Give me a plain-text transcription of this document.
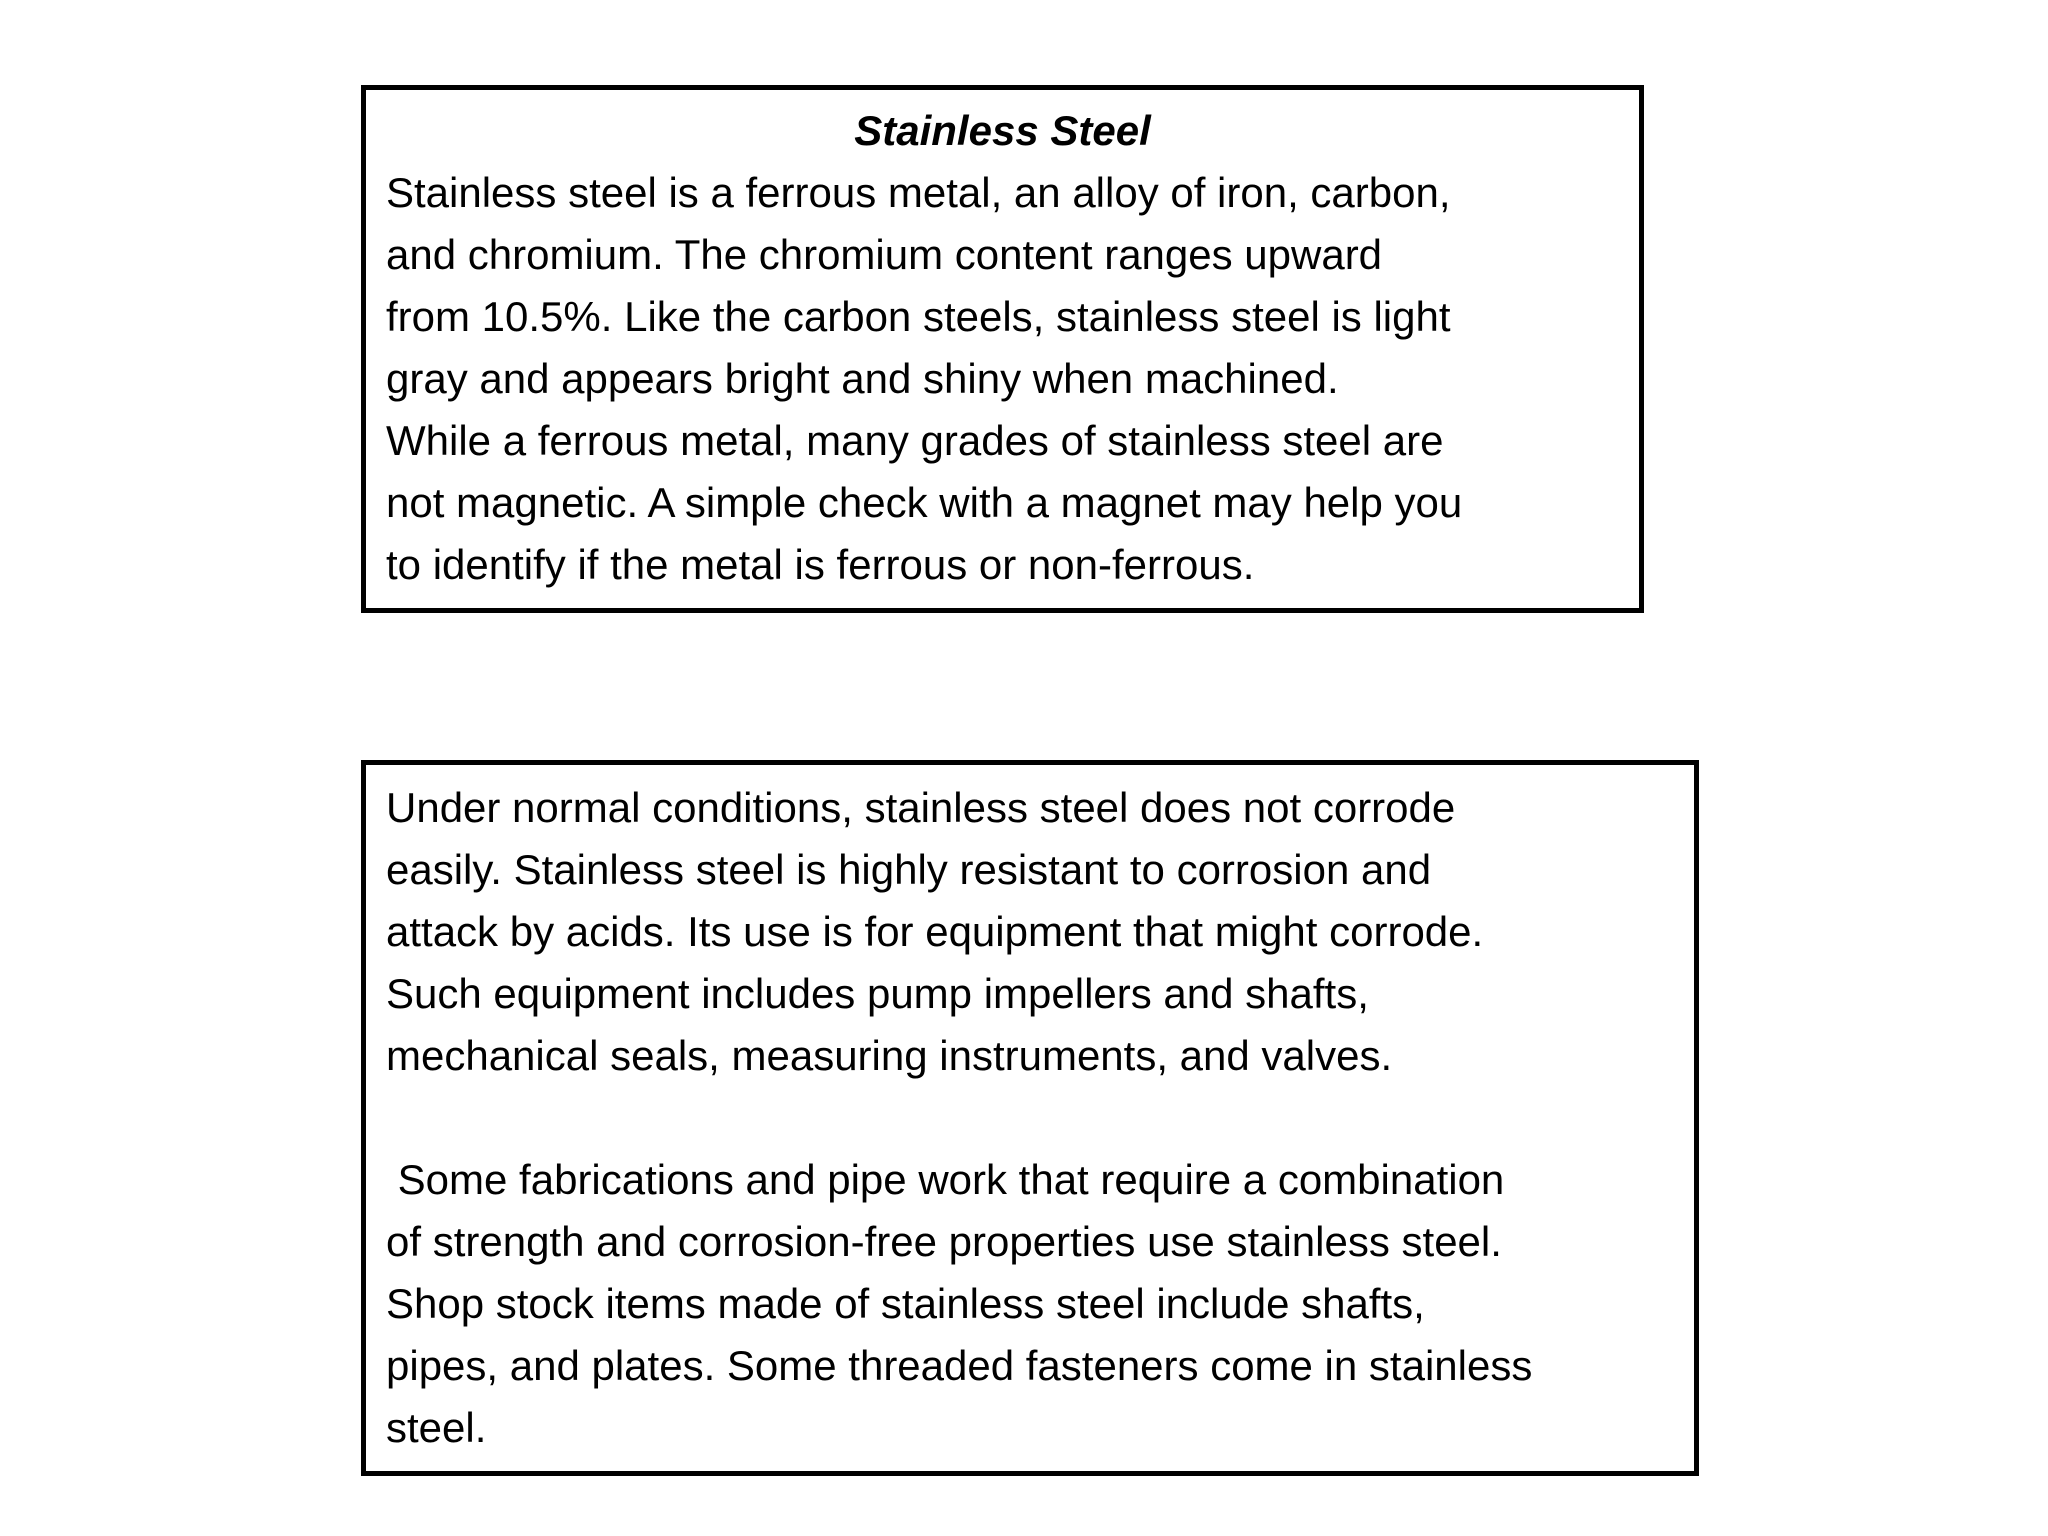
Stainless Steel
Stainless steel is a ferrous metal, an alloy of iron, carbon,
and chromium. The chromium content ranges upward
from 10.5%. Like the carbon steels, stainless steel is light
gray and appears bright and shiny when machined.
While a ferrous metal, many grades of stainless steel are
not magnetic. A simple check with a magnet may help you
to identify if the metal is ferrous or non-ferrous.
Under normal conditions, stainless steel does not corrode
easily. Stainless steel is highly resistant to corrosion and
attack by acids. Its use is for equipment that might corrode.
Such equipment includes pump impellers and shafts,
mechanical seals, measuring instruments, and valves.
Some fabrications and pipe work that require a combination
of strength and corrosion-free properties use stainless steel.
Shop stock items made of stainless steel include shafts,
pipes, and plates. Some threaded fasteners come in stainless
steel.
